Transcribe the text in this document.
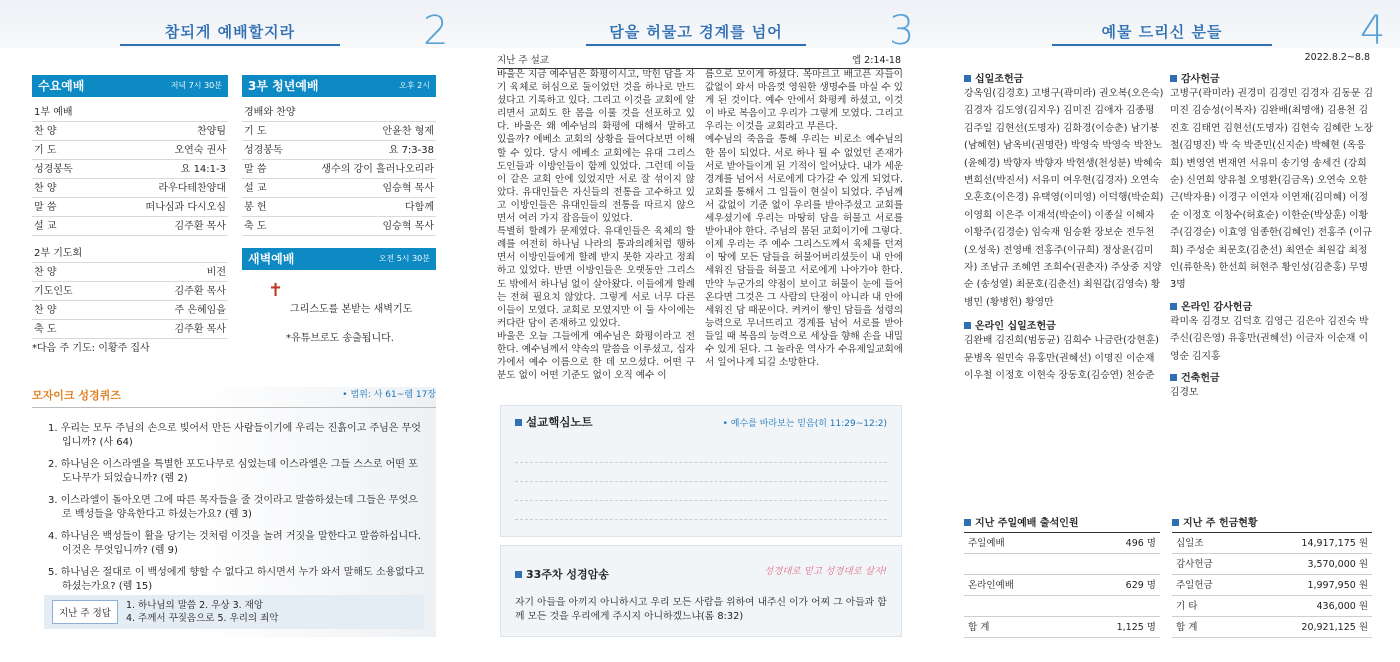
참되게 예배할지라	2
수요예배	저녁 7시 30분
1부 예배
찬 양	찬양팀
기 도	오연숙 권사
성경봉독	요 14:1-3
찬 양	라우다테찬양대
말 씀	떠나심과 다시오심
설 교	김주환 목사
2부 기도회
찬 양	비전
기도인도	김주환 목사
찬 양	주 은혜임을
축 도	김주환 목사
*다음 주 기도: 이황주 집사
3부 청년예배	오후 2시
경배와 찬양
기 도	안윤찬 형제
성경봉독	요 7:3-38
말 씀	생수의 강이 흘러나오리라
설 교	임승혁 목사
봉 헌	다함께
축 도	임승혁 목사
새벽예배	오전 5시 30분
✝
그리스도를 본받는 새벽기도
*유튜브로도 송출됩니다.
모자이크 성경퀴즈	• 범위: 사 61~렘 17장
1. 우리는 모두 주님의 손으로 빚어서 만든 사람들이기에 우리는 진흙이고 주님은 무엇입니까? (사 64)
2. 하나님은 이스라엘을 특별한 포도나무로 심었는데 이스라엘은 그들 스스로 어떤 포도나무가 되었습니까? (렘 2)
3. 이스라엘이 돌아오면 그에 따른 목자들을 줄 것이라고 말씀하셨는데 그들은 무엇으로 백성들을 양육한다고 하셨는가요? (렘 3)
4. 하나님은 백성들이 활을 당기는 것처럼 이것을 놀려 거짓을 말한다고 말씀하십니다. 이것은 무엇입니까? (렘 9)
5. 하나님은 절대로 이 백성에게 향할 수 없다고 하시면서 누가 와서 말해도 소용없다고 하셨는가요? (렘 15)
지난 주 정답
1. 하나님의 말씀 2. 우상 3. 재앙
4. 주께서 꾸짖음으로 5. 우리의 죄악
담을 허물고 경계를 넘어	3
지난 주 설교	엡 2:14-18
바울은 지금 예수님은 화평이시고, 막힌 담을 자기 육체로 허심으로 둘이었던 것을 하나로 만드셨다고 기록하고 있다. 그리고 이것을 교회에 알리면서 교회도 한 몸을 이룰 것을 선포하고 있다. 바울은 왜 예수님의 화평에 대해서 말하고 있을까? 에베소 교회의 상황을 들여다보면 이해할 수 있다. 당시 에베소 교회에는 유대 그리스도인들과 이방인들이 함께 있었다. 그런데 이들이 같은 교회 안에 있었지만 서로 잘 섞이지 않았다. 유대인들은 자신들의 전통을 고수하고 있고 이방인들은 유대인들의 전통을 따르지 않으면서 여러 가지 잡음들이 있었다.
특별히 할례가 문제였다. 유대인들은 육체의 할례를 여전히 하나님 나라의 통과의례처럼 행하면서 이방인들에게 할례 받지 못한 자라고 정죄하고 있었다. 반면 이방인들은 오랫동안 그리스도 밖에서 하나님 없이 살아왔다. 이들에게 할례는 전혀 필요치 않았다. 그렇게 서로 너무 다른 이들이 모였다. 교회로 모였지만 이 둘 사이에는 커다란 담이 존재하고 있었다.
바울은 오늘 그들에게 예수님은 화평이라고 전한다. 예수님께서 약속의 말씀을 이루셨고, 십자가에서 예수 이름으로 한 데 모으셨다. 어떤 구분도 없이 어떤 기준도 없이 오직 예수 이
름으로 모이게 하셨다. 목마르고 배고픈 자들이 값없이 와서 마음껏 영원한 생명수를 마실 수 있게 된 것이다. 예수 안에서 화평케 하셨고, 이것이 바로 복음이고 우리가 그렇게 모였다. 그리고 우리는 이것을 교회라고 부른다.
예수님의 죽음을 통해 우리는 비로소 예수님의 한 몸이 되었다. 서로 하나 될 수 없었던 존재가 서로 받아들이게 된 기적이 일어났다. 내가 세운 경계를 넘어서 서로에게 다가갈 수 있게 되었다. 교회를 통해서 그 일들이 현실이 되었다. 주님께서 값없이 기준 없이 우리를 받아주셨고 교회를 세우셨기에 우리는 마땅히 담을 허물고 서로를 받아내야 한다. 주님의 몸된 교회이기에 그렇다.
이제 우리는 주 예수 그리스도께서 육체를 던져 이 땅에 모든 담들을 허물어버리셨듯이 내 안에 세워진 담들을 허물고 서로에게 나아가야 한다. 만약 누군가의 약점이 보이고 허물이 눈에 들어온다면 그것은 그 사람의 단점이 아니라 내 안에 세워진 담 때문이다. 켜켜이 쌓인 담들을 성령의 능력으로 무너뜨리고 경계를 넘어 서로를 받아들일 때 복음의 능력으로 세상을 향해 손을 내밀 수 있게 된다. 그 놀라운 역사가 수유제일교회에서 일어나게 되길 소망한다.
설교핵심노트	• 예수를 바라보는 믿음(히 11:29~12:2)
33주차 성경암송	성경대로 믿고 성경대로 살자!
자기 아들을 아끼지 아니하시고 우리 모든 사람을 위하여 내주신 이가 어찌 그 아들과 함께 모든 것을 우리에게 주시지 아니하겠느냐(롬 8:32)
예물 드리신 분들	4
2022.8.2~8.8
십일조헌금
강옥임(김경호) 고병구(곽미라) 권오복(오은숙) 김경자 김도영(김지우) 김미진 김애자 김종평 김주일 김현선(도명자) 김화경(이승춘) 남기봉 (남혜현) 남옥비(권명란) 박영숙 박영숙 박찬노 (윤혜경) 박향자 박향자 박현생(천성분) 박혜숙 변희선(박진서) 서유미 여우현(김경자) 오연숙 오혼호(이은경) 유택영(이미영) 이덕행(박순희) 이영희 이은주 이재석(박순이) 이종실 이혜자 이황주(김경순) 임숙재 임승환 장보순 전두천 (오성욱) 전영배 전홍주(이규희) 정상윤(김미자) 조남규 조혜연 조희수(권춘자) 주상중 지양순 (송성열) 최문호(김춘선) 최원갑(김영숙) 황병민 (황병헌) 황영만
온라인 십일조헌금
김완배 김진희(범동균) 김희수 나금란(강현훈) 문병옥 원민숙 유홍만(권혜선) 이명진 이순재 이우철 이정호 이현숙 장동호(김승연) 천승준
감사헌금
고병구(곽미라) 권경미 김경민 김경자 김동문 김미진 김승성(이복자) 김완배(최명애) 김용천 김진호 김태연 김현선(도명자) 김현숙 김혜란 노장철(김명진) 박 숙 박준민(신지순) 박혜현 (옥응희) 변영연 변재연 서유미 송기영 송세건 (강희순) 신연희 양유철 오명환(김금옥) 오연숙 오한근(박자용) 이경구 이연자 이연재(김미혜) 이정순 이정호 이창수(허효순) 이한순(박상훈) 이황주(김경순) 이효영 임종한(김혜인) 전홍주 (이규희) 주성순 최문호(김춘선) 최연순 최원갑 최정인(류한옥) 한선희 허현주 황인성(김춘홍) 무명 3명
온라인 감사헌금
곽미옥 김경모 김덕호 김영근 김은아 김진숙 박주신(김은영) 유홍만(권혜선) 이금자 이순재 이영순 김지홍
건축헌금
김경모
지난 주일예배 출석인원
주일예배	496 명
온라인예배	629 명
합 계	1,125 명
지난 주 헌금현황
십일조	14,917,175 원
감사헌금	3,570,000 원
주일헌금	1,997,950 원
기 타	436,000 원
합 계	20,921,125 원
